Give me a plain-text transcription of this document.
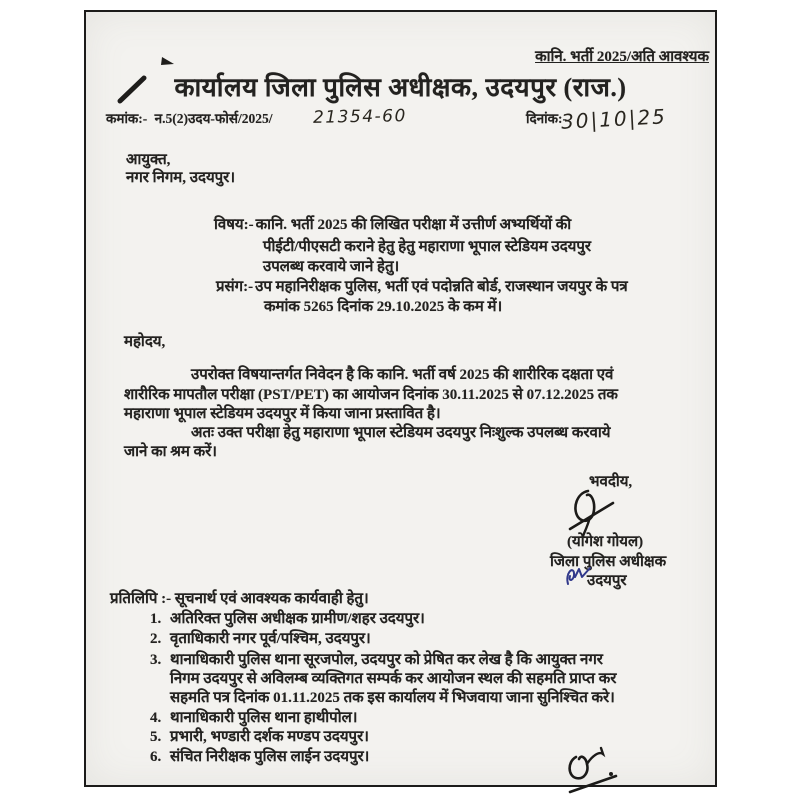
कानि. भर्ती 2025/अति आवश्यक
कार्यालय जिला पुलिस अधीक्षक, उदयपुर (राज.)
कमांक:-
न.5(2)उदय-फोर्स/2025/ 21354-60	दिनांक:-
30|10|25
आयुक्त,
नगर निगम, उदयपुर।
विषय:- कानि. भर्ती 2025 की लिखित परीक्षा में उत्तीर्ण अभ्यर्थियों की
पीईटी/पीएसटी कराने हेतु हेतु महाराणा भूपाल स्टेडियम उदयपुर
उपलब्ध करवाये जाने हेतु।
प्रसंग:- उप महानिरीक्षक पुलिस, भर्ती एवं पदोन्नति बोर्ड, राजस्थान जयपुर के पत्र
कमांक 5265 दिनांक 29.10.2025 के कम में।
महोदय,
उपरोक्त विषयान्तर्गत निवेदन है कि कानि. भर्ती वर्ष 2025 की शारीरिक दक्षता एवं
शारीरिक मापतौल परीक्षा (PST/PET) का आयोजन दिनांक 30.11.2025 से 07.12.2025 तक
महाराणा भूपाल स्टेडियम उदयपुर में किया जाना प्रस्तावित है।
अतः उक्त परीक्षा हेतु महाराणा भूपाल स्टेडियम उदयपुर निःशुल्क उपलब्ध करवाये
जाने का श्रम करें।
भवदीय,
(योगेश गोयल)
जिला पुलिस अधीक्षक
उदयपुर
प्रतिलिपि :- सूचनार्थ एवं आवश्यक कार्यवाही हेतु।
1. अतिरिक्त पुलिस अधीक्षक ग्रामीण/शहर उदयपुर।
2. वृताधिकारी नगर पूर्व/पश्चिम, उदयपुर।
3. थानाधिकारी पुलिस थाना सूरजपोल, उदयपुर को प्रेषित कर लेख है कि आयुक्त नगर
निगम उदयपुर से अविलम्ब व्यक्तिगत सम्पर्क कर आयोजन स्थल की सहमति प्राप्त कर
सहमति पत्र दिनांक 01.11.2025 तक इस कार्यालय में भिजवाया जाना सुनिश्चित करे।
4. थानाधिकारी पुलिस थाना हाथीपोल।
5. प्रभारी, भण्डारी दर्शक मण्डप उदयपुर।
6. संचित निरीक्षक पुलिस लाईन उदयपुर।
